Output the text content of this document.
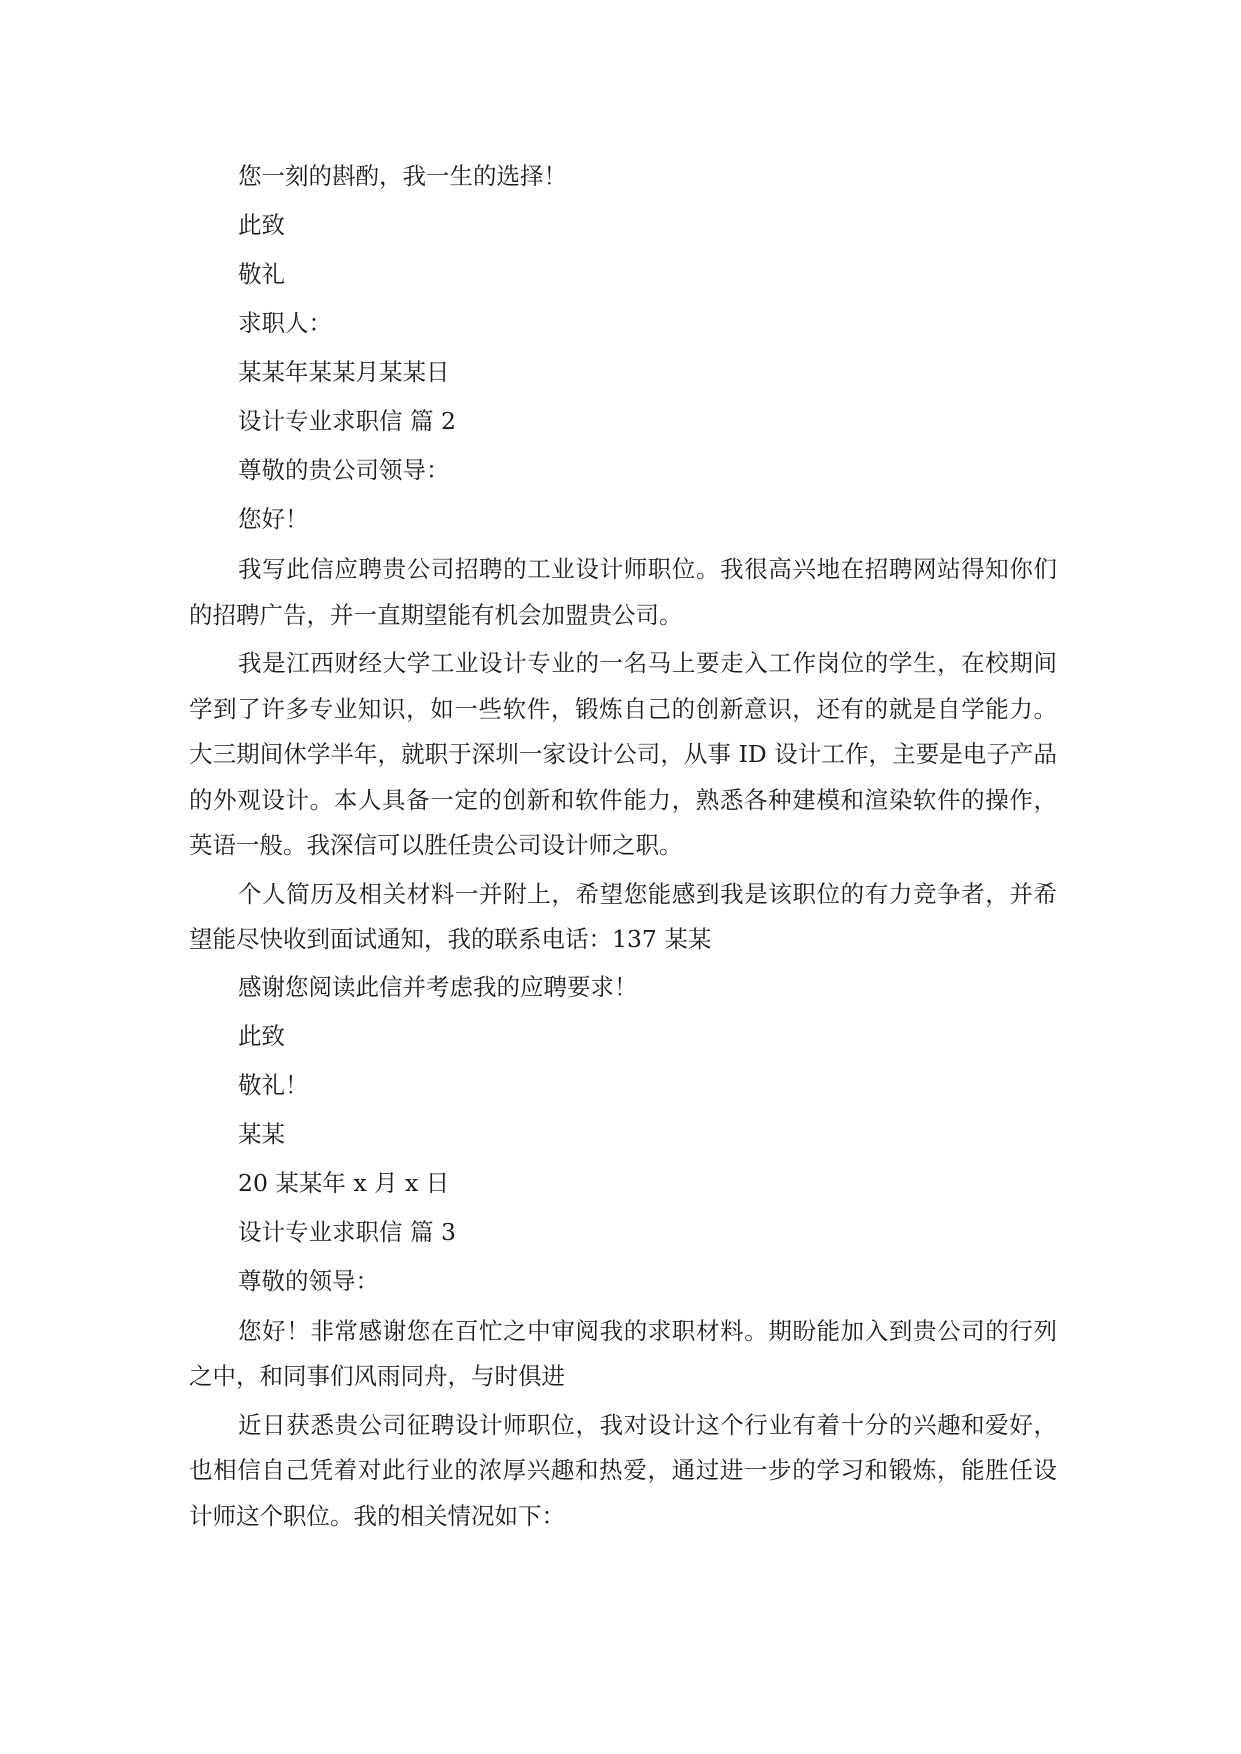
您一刻的斟酌，我一生的选择！

此致

敬礼

求职人：

某某年某某月某某日

设计专业求职信 篇 2

尊敬的贵公司领导：

您好！

我写此信应聘贵公司招聘的工业设计师职位。我很高兴地在招聘网站得知你们的招聘广告，并一直期望能有机会加盟贵公司。

我是江西财经大学工业设计专业的一名马上要走入工作岗位的学生，在校期间学到了许多专业知识，如一些软件，锻炼自己的创新意识，还有的就是自学能力。大三期间休学半年，就职于深圳一家设计公司，从事 ID 设计工作，主要是电子产品的外观设计。本人具备一定的创新和软件能力，熟悉各种建模和渲染软件的操作，英语一般。我深信可以胜任贵公司设计师之职。

个人简历及相关材料一并附上，希望您能感到我是该职位的有力竞争者，并希望能尽快收到面试通知，我的联系电话：137 某某

感谢您阅读此信并考虑我的应聘要求！

此致

敬礼！

某某

20 某某年 x 月 x 日

设计专业求职信 篇 3

尊敬的领导：

您好！非常感谢您在百忙之中审阅我的求职材料。期盼能加入到贵公司的行列之中，和同事们风雨同舟，与时俱进

近日获悉贵公司征聘设计师职位，我对设计这个行业有着十分的兴趣和爱好，也相信自己凭着对此行业的浓厚兴趣和热爱，通过进一步的学习和锻炼，能胜任设计师这个职位。我的相关情况如下：
